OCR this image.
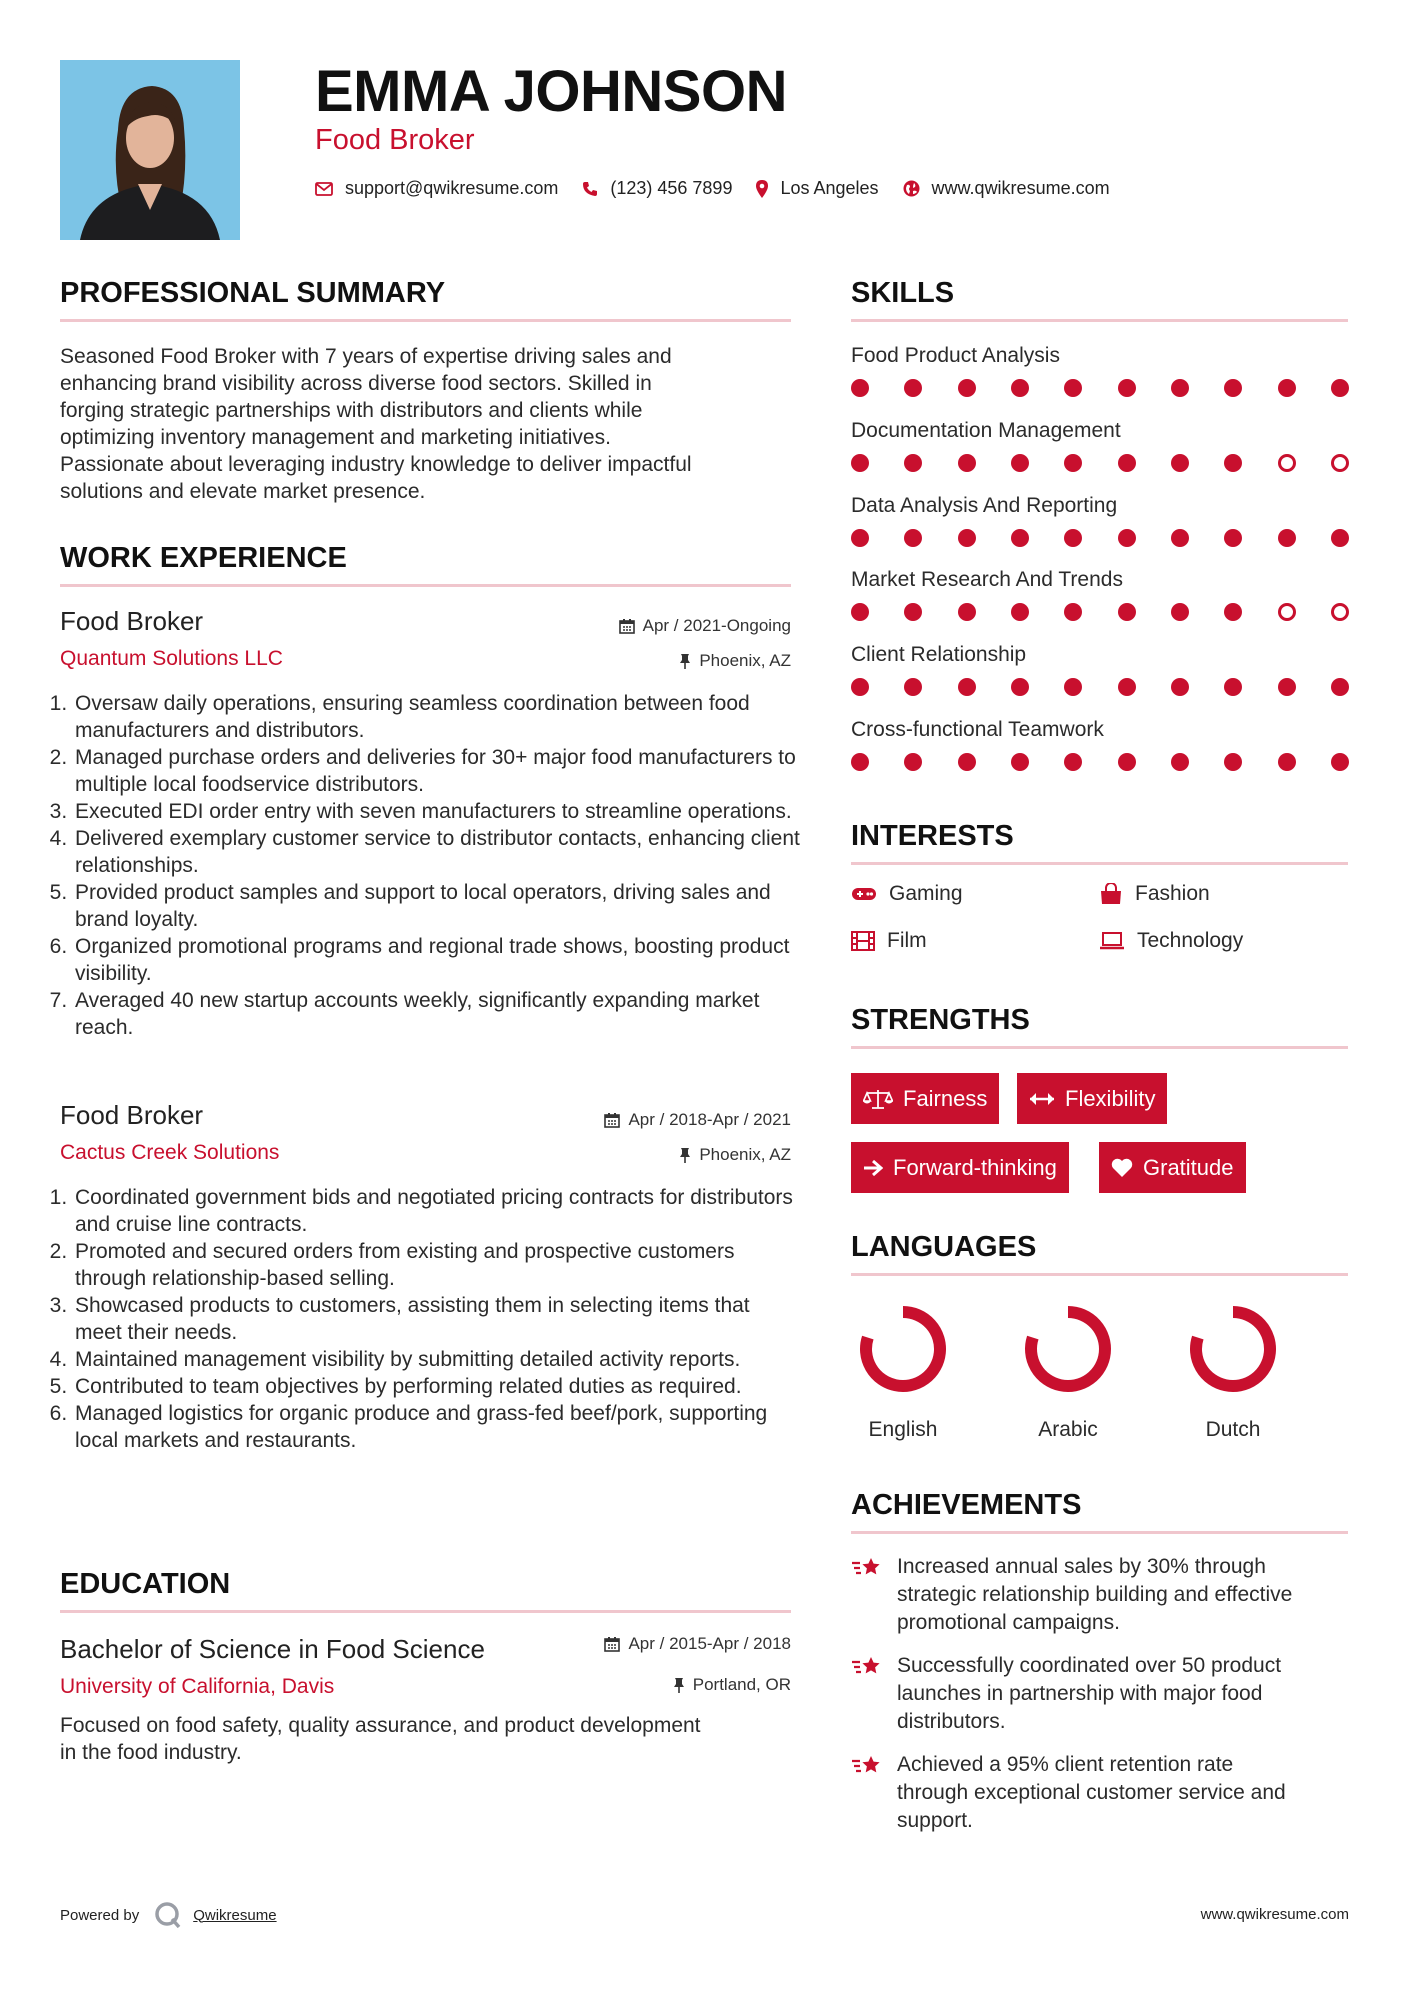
EMMA JOHNSON
Food Broker
support@qwikresume.com	(123) 456 7899	Los Angeles	www.qwikresume.com
PROFESSIONAL SUMMARY
Seasoned Food Broker with 7 years of expertise driving sales and
enhancing brand visibility across diverse food sectors. Skilled in
forging strategic partnerships with distributors and clients while
optimizing inventory management and marketing initiatives.
Passionate about leveraging industry knowledge to deliver impactful
solutions and elevate market presence.
WORK EXPERIENCE
Food Broker	Apr / 2021-Ongoing
Quantum Solutions LLC	Phoenix, AZ
1. Oversaw daily operations, ensuring seamless coordination between food manufacturers and distributors.
2. Managed purchase orders and deliveries for 30+ major food manufacturers to multiple local foodservice distributors.
3. Executed EDI order entry with seven manufacturers to streamline operations.
4. Delivered exemplary customer service to distributor contacts, enhancing client relationships.
5. Provided product samples and support to local operators, driving sales and brand loyalty.
6. Organized promotional programs and regional trade shows, boosting product visibility.
7. Averaged 40 new startup accounts weekly, significantly expanding market reach.
Food Broker	Apr / 2018-Apr / 2021
Cactus Creek Solutions	Phoenix, AZ
1. Coordinated government bids and negotiated pricing contracts for distributors and cruise line contracts.
2. Promoted and secured orders from existing and prospective customers through relationship-based selling.
3. Showcased products to customers, assisting them in selecting items that meet their needs.
4. Maintained management visibility by submitting detailed activity reports.
5. Contributed to team objectives by performing related duties as required.
6. Managed logistics for organic produce and grass-fed beef/pork, supporting local markets and restaurants.
EDUCATION
Bachelor of Science in Food Science	Apr / 2015-Apr / 2018
University of California, Davis	Portland, OR
Focused on food safety, quality assurance, and product development
in the food industry.
SKILLS
Food Product Analysis
Documentation Management
Data Analysis And Reporting
Market Research And Trends
Client Relationship
Cross-functional Teamwork
INTERESTS
Gaming	Fashion
Film	Technology
STRENGTHS
Fairness	Flexibility
Forward-thinking	Gratitude
LANGUAGES
English	Arabic	Dutch
ACHIEVEMENTS
Increased annual sales by 30% through
strategic relationship building and effective
promotional campaigns.
Successfully coordinated over 50 product
launches in partnership with major food
distributors.
Achieved a 95% client retention rate
through exceptional customer service and
support.
Powered by	Qwikresume	www.qwikresume.com
